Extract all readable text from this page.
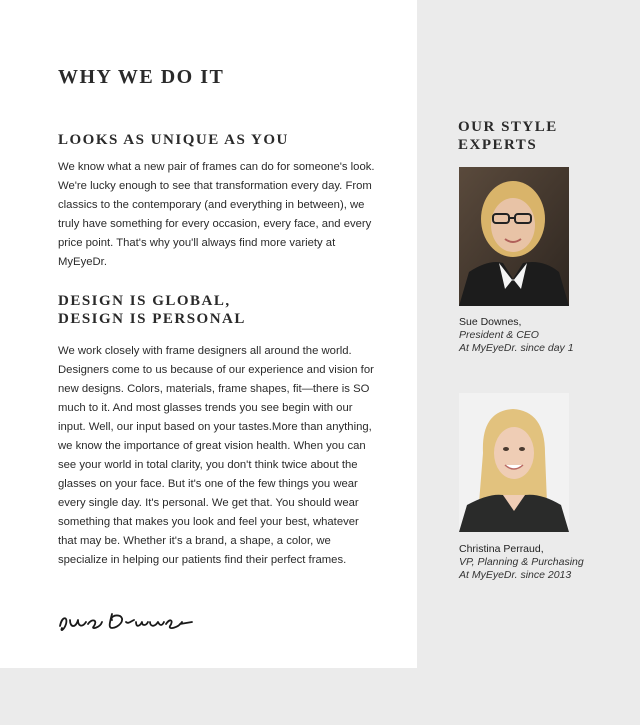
WHY WE DO IT
LOOKS AS UNIQUE AS YOU

We know what a new pair of frames can do for someone's look. We're lucky enough to see that transformation every day. From classics to the contemporary (and everything in between), we truly have something for every occasion, every face, and every price point. That's why you'll always find more variety at MyEyeDr.

DESIGN IS GLOBAL,
DESIGN IS PERSONAL

We work closely with frame designers all around the world. Designers come to us because of our experience and vision for new designs. Colors, materials, frame shapes, fit—there is SO much to it. And most glasses trends you see begin with our input. Well, our input based on your tastes.More than anything, we know the importance of great vision health. When you can see your world in total clarity, you don't think twice about the glasses on your face. But it's one of the few things you wear every single day. It's personal. We get that. You should wear something that makes you look and feel your best, whatever that may be. Whether it's a brand, a shape, a color, we specialize in helping our patients find their perfect frames.

OUR STYLE
EXPERTS
Sue Downes,
President & CEO
At MyEyeDr. since day 1
Christina Perraud,
VP, Planning & Purchasing
At MyEyeDr. since 2013
